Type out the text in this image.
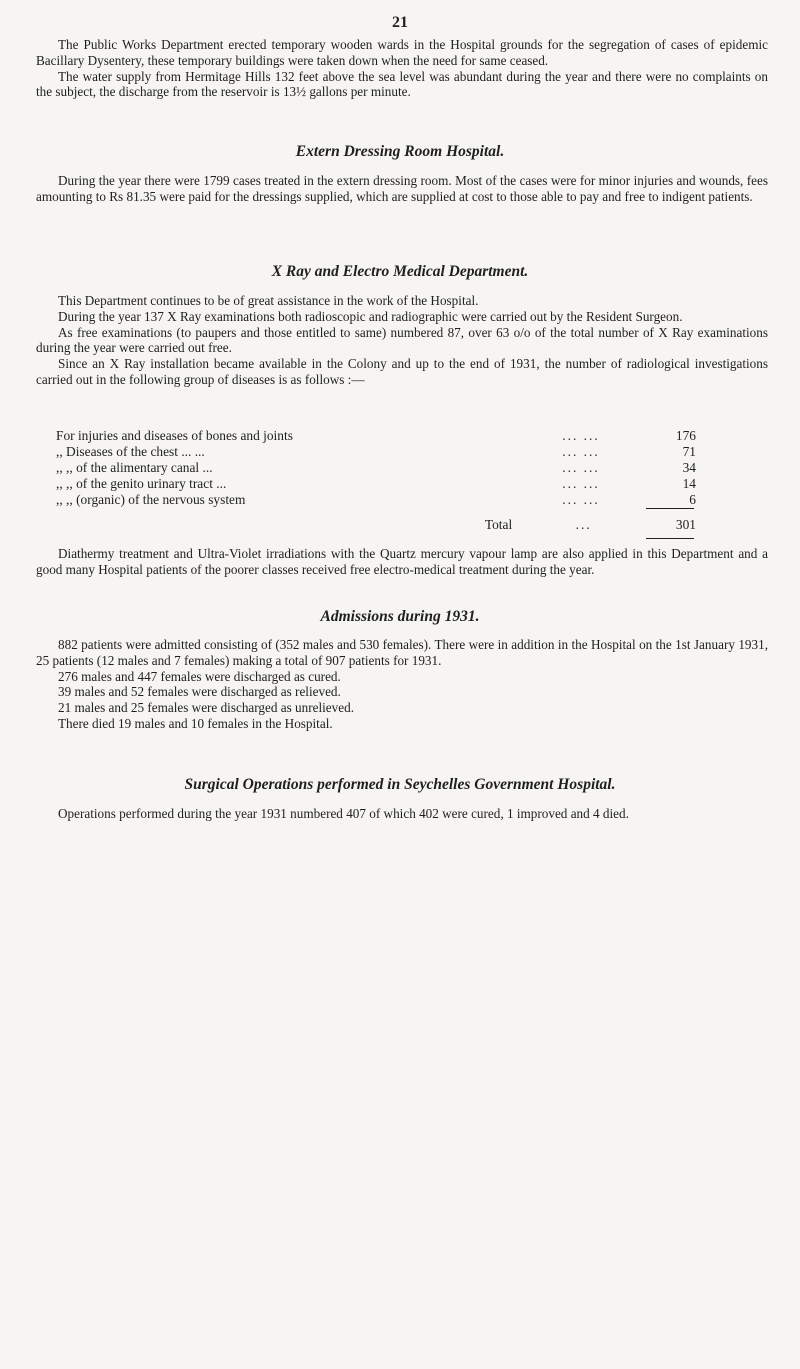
21

The Public Works Department erected temporary wooden wards in the Hospital grounds for the segregation of cases of epidemic Bacillary Dysentery, these temporary buildings were taken down when the need for same ceased.

The water supply from Hermitage Hills 132 feet above the sea level was abundant during the year and there were no complaints on the subject, the discharge from the reservoir is 13½ gallons per minute.

Extern Dressing Room Hospital.

During the year there were 1799 cases treated in the extern dressing room. Most of the cases were for minor injuries and wounds, fees amounting to Rs 81.35 were paid for the dressings supplied, which are supplied at cost to those able to pay and free to indigent patients.

X Ray and Electro Medical Department.

This Department continues to be of great assistance in the work of the Hospital.

During the year 137 X Ray examinations both radioscopic and radiographic were carried out by the Resident Surgeon.

As free examinations (to paupers and those entitled to same) numbered 87, over 63 o/o of the total number of X Ray examinations during the year were carried out free.

Since an X Ray installation became available in the Colony and up to the end of 1931, the number of radiological investigations carried out in the following group of diseases is as follows :—

For injuries and diseases of bones and joints	... ...	176
,, Diseases of the chest ... ...	... ...	71
,, ,, of the alimentary canal ...	... ...	34
,, ,, of the genito urinary tract ...	... ...	14
,, ,, (organic) of the nervous system	... ...	6
Total	...	301

Diathermy treatment and Ultra-Violet irradiations with the Quartz mercury vapour lamp are also applied in this Department and a good many Hospital patients of the poorer classes received free electro-medical treatment during the year.

Admissions during 1931.

882 patients were admitted consisting of (352 males and 530 females). There were in addition in the Hospital on the 1st January 1931, 25 patients (12 males and 7 females) making a total of 907 patients for 1931.

276 males and 447 females were discharged as cured.

39 males and 52 females were discharged as relieved.

21 males and 25 females were discharged as unrelieved.

There died 19 males and 10 females in the Hospital.

Surgical Operations performed in Seychelles Government Hospital.

Operations performed during the year 1931 numbered 407 of which 402 were cured, 1 improved and 4 died.
